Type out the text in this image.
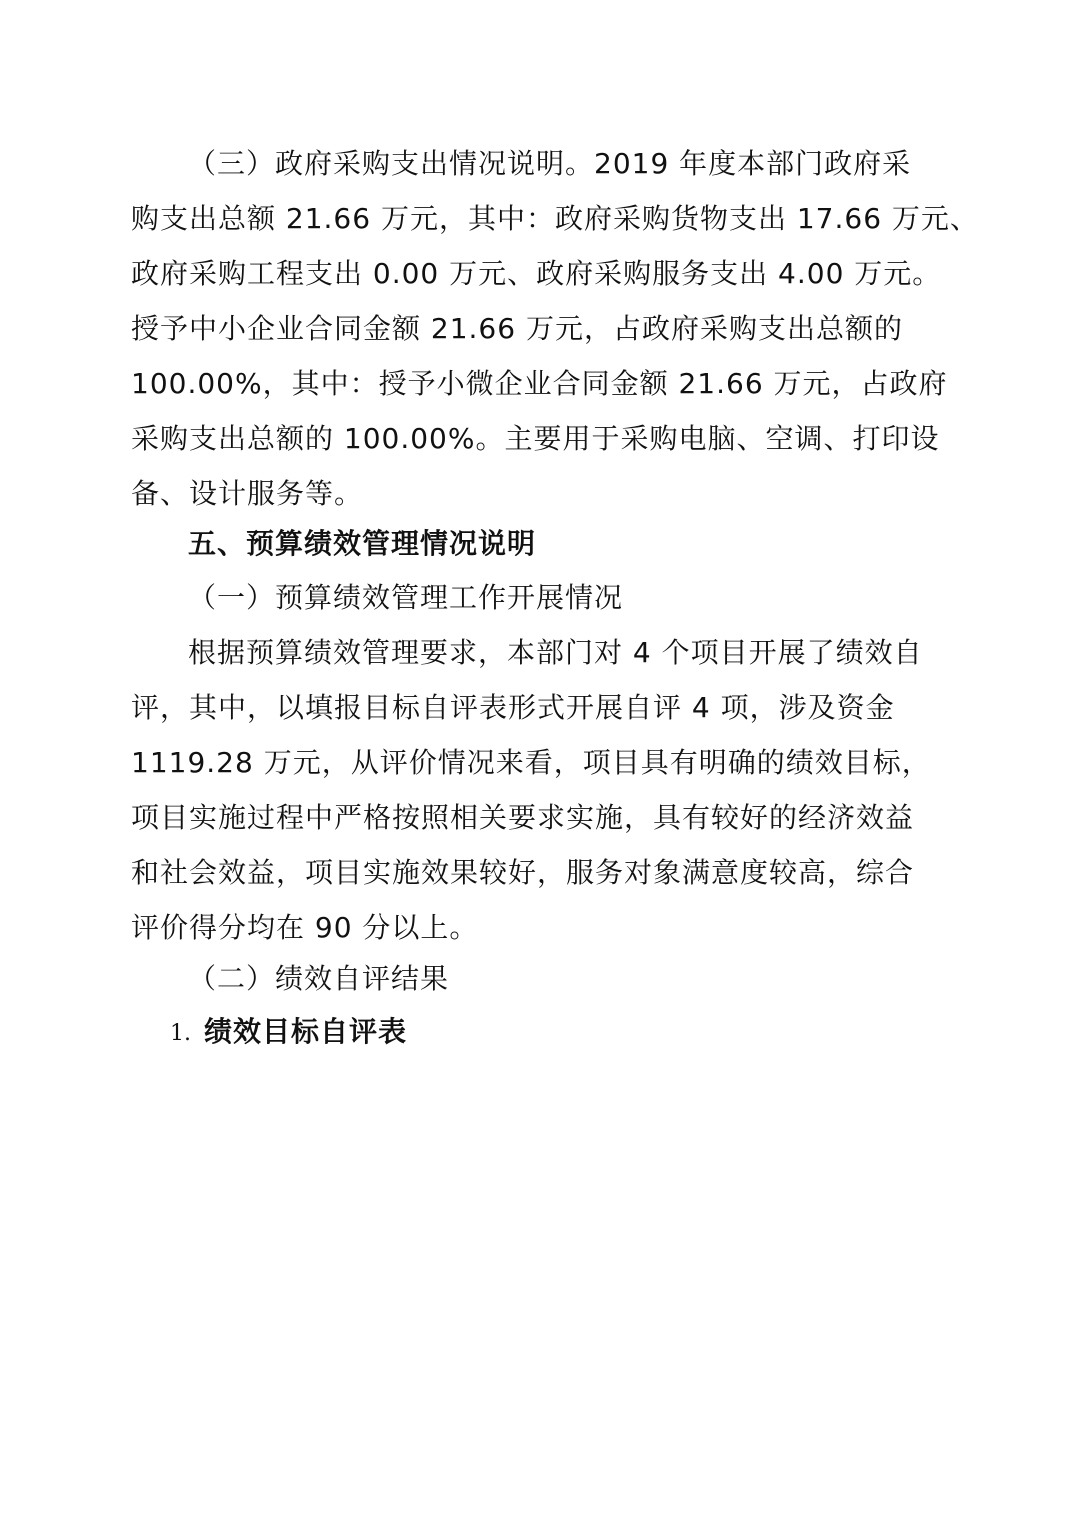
（三）政府采购支出情况说明。2019 年度本部门政府采
购支出总额 21.66 万元，其中：政府采购货物支出 17.66 万元、
政府采购工程支出 0.00 万元、政府采购服务支出 4.00 万元。
授予中小企业合同金额 21.66 万元，占政府采购支出总额的
100.00%，其中：授予小微企业合同金额 21.66 万元，占政府
采购支出总额的 100.00%。主要用于采购电脑、空调、打印设
备、设计服务等。
五、预算绩效管理情况说明
（一）预算绩效管理工作开展情况
根据预算绩效管理要求，本部门对 4 个项目开展了绩效自
评，其中，以填报目标自评表形式开展自评 4 项，涉及资金
1119.28 万元，从评价情况来看，项目具有明确的绩效目标，
项目实施过程中严格按照相关要求实施，具有较好的经济效益
和社会效益，项目实施效果较好，服务对象满意度较高，综合
评价得分均在 90 分以上。
（二）绩效自评结果
1. 绩效目标自评表
